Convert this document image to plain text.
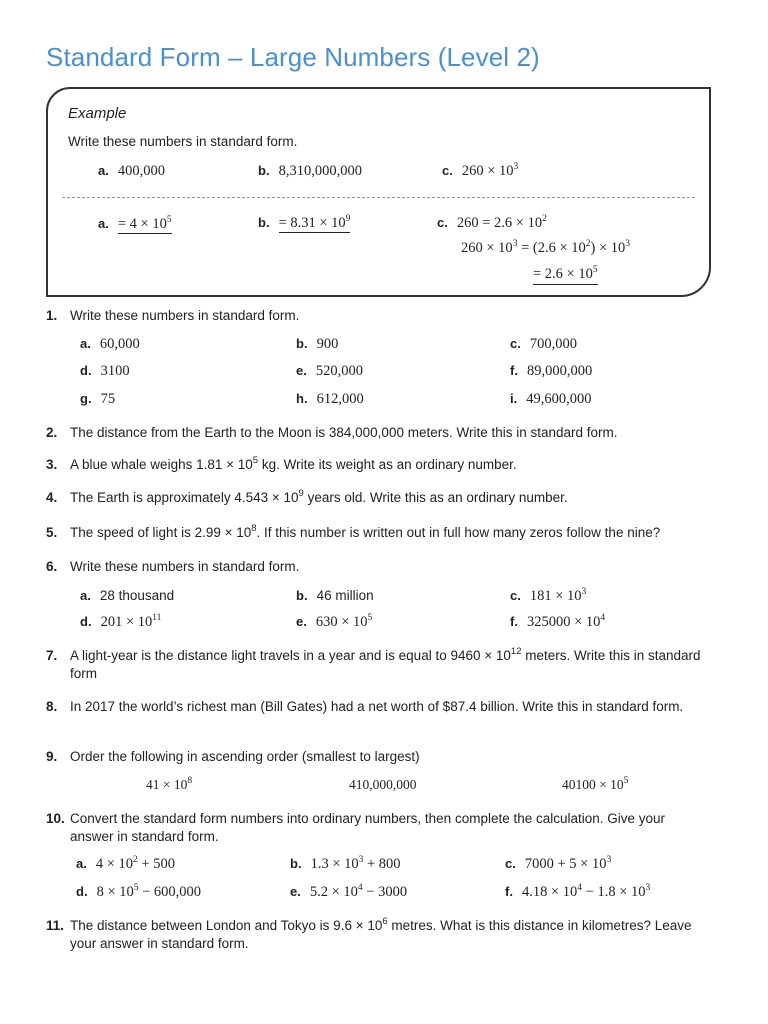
Standard Form – Large Numbers (Level 2)
Example
Write these numbers in standard form.
a. 400,000	b. 8,310,000,000	c. $260 \times 10^3$
a. = $4 \times 10^5$	b. = $8.31 \times 10^9$	c. $260 = 2.6 \times 10^2$
$260 \times 10^3 = (2.6 \times 10^2) \times 10^3$
= $2.6 \times 10^5$
1. Write these numbers in standard form.
a. 60,000	b. 900	c. 700,000
d. 3100	e. 520,000	f. 89,000,000
g. 75	h. 612,000	i. 49,600,000
2. The distance from the Earth to the Moon is 384,000,000 meters. Write this in standard form.
3. A blue whale weighs $1.81 \times 10^5$ kg. Write its weight as an ordinary number.
4. The Earth is approximately $4.543 \times 10^9$ years old. Write this as an ordinary number.
5. The speed of light is $2.99 \times 10^8$. If this number is written out in full how many zeros follow the nine?
6. Write these numbers in standard form.
a. 28 thousand	b. 46 million	c. $181 \times 10^3$
d. $201 \times 10^{11}$	e. $630 \times 10^5$	f. $325000 \times 10^4$
7. A light-year is the distance light travels in a year and is equal to $9460 \times 10^{12}$ meters. Write this in standard form
8. In 2017 the world’s richest man (Bill Gates) had a net worth of $87.4 billion. Write this in standard form.
9. Order the following in ascending order (smallest to largest)
$41 \times 10^8$	410,000,000	$40100 \times 10^5$
10. Convert the standard form numbers into ordinary numbers, then complete the calculation. Give your answer in standard form.
a. $4 \times 10^2 + 500$	b. $1.3 \times 10^3 + 800$	c. $7000 + 5 \times 10^3$
d. $8 \times 10^5 - 600,000$	e. $5.2 \times 10^4 - 3000$	f. $4.18 \times 10^4 - 1.8 \times 10^3$
11. The distance between London and Tokyo is $9.6 \times 10^6$ metres. What is this distance in kilometres? Leave your answer in standard form.
